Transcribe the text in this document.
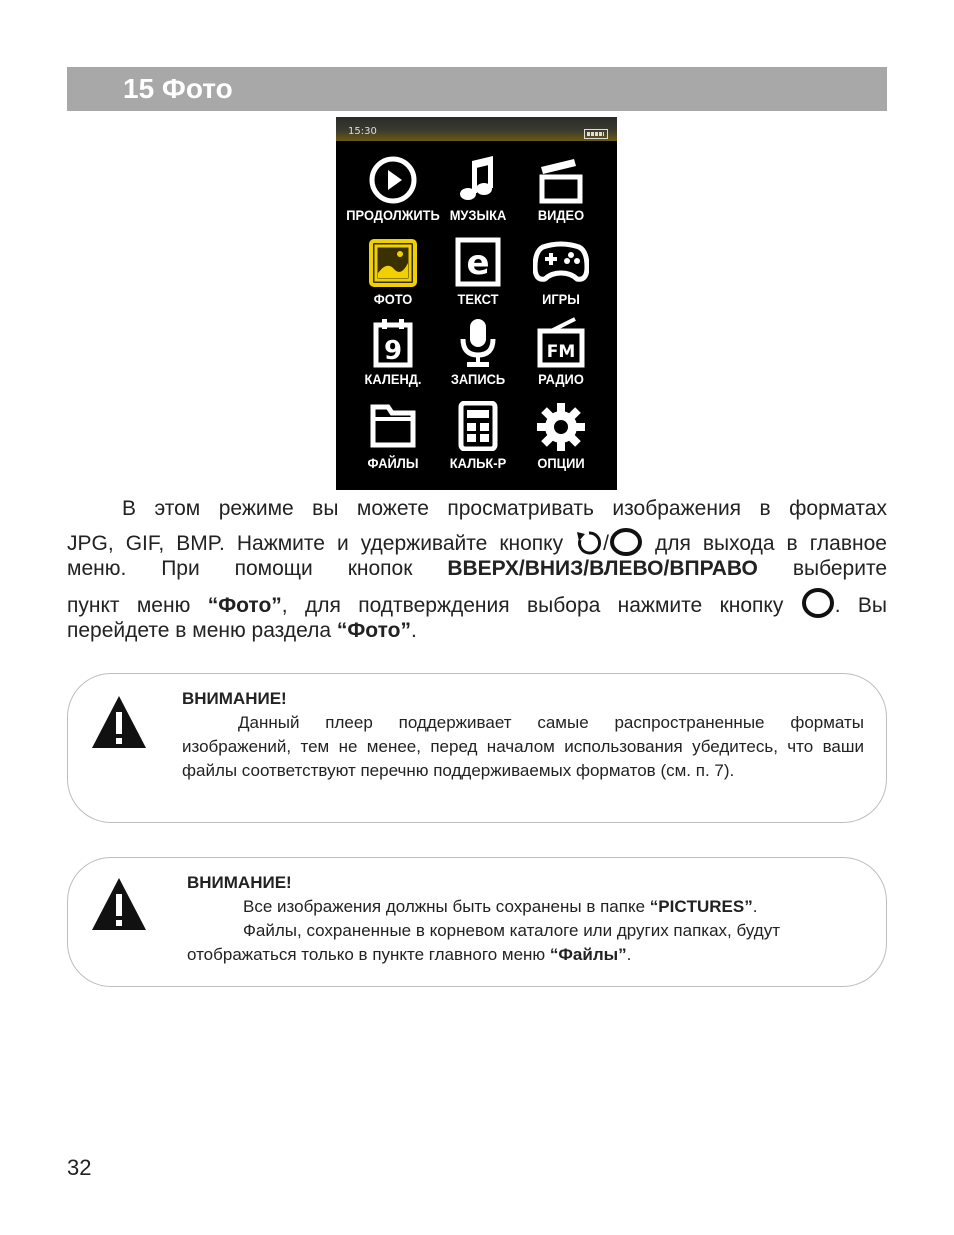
15 Фото
15:30
ПРОДОЛЖИТЬ МУЗЫКА	ВИДЕО
ФОТО
e
ТЕКСТ	ИГРЫ
9
КАЛЕНД.	ЗАПИСЬ
FM
РАДИО
ФАЙЛЫ	КАЛЬК-Р	ОПЦИИ
В этом режиме вы можете просматривать изображения в форматах
JPG, GIF, BMP. Нажмите и удерживайте кнопку / для выхода в главное
меню. При помощи кнопок ВВЕРХ/ВНИЗ/ВЛЕВО/ВПРАВО выберите
пункт меню “Фото”, для подтверждения выбора нажмите кнопку . Вы
перейдете в меню раздела “Фото”.
ВНИМАНИЕ!
Данный плеер поддерживает самые распространенные форматы изображений, тем не менее, перед началом использования убедитесь, что ваши файлы соответствуют перечню поддерживаемых форматов (см. п. 7).
ВНИМАНИЕ!
Все изображения должны быть сохранены в папке “PICTURES”.
Файлы, сохраненные в корневом каталоге или других папках, будут
отображаться только в пункте главного меню “Файлы”.
32
